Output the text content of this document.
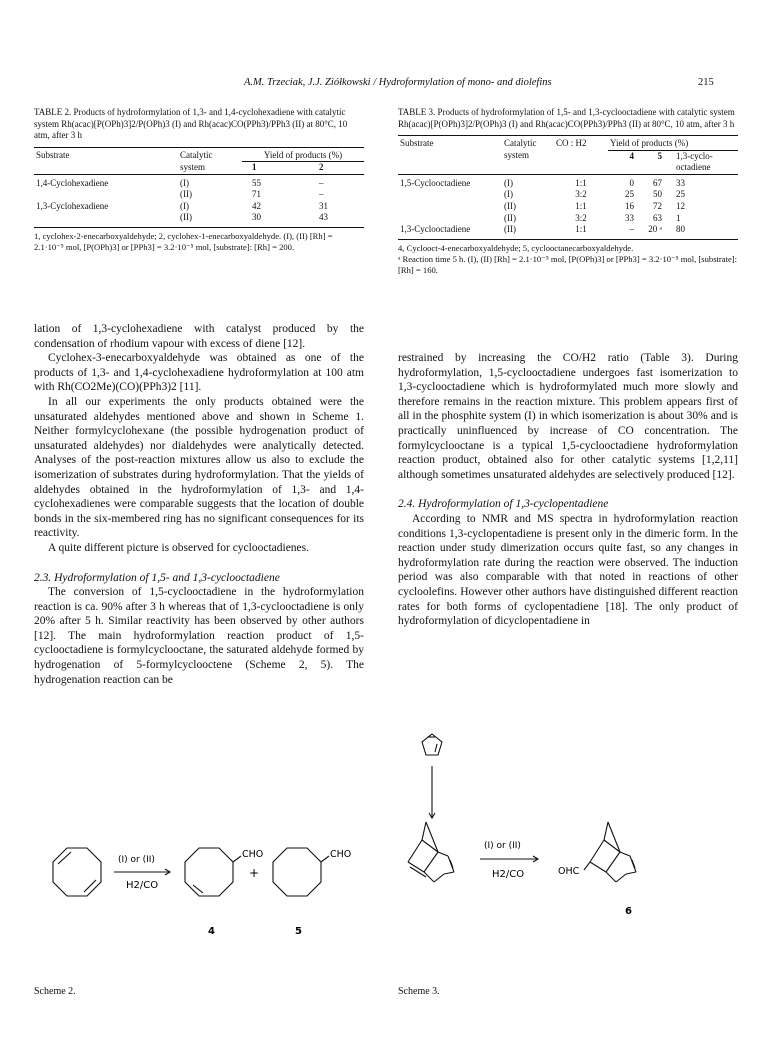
A.M. Trzeciak, J.J. Ziółkowski / Hydroformylation of mono- and diolefins	215
TABLE 2. Products of hydroformylation of 1,3- and 1,4-cyclohexadiene with catalytic system Rh(acac)[P(OPh)3]2/P(OPh)3 (I) and Rh(acac)CO(PPh3)/PPh3 (II) at 80°C, 10 atm, after 3 h
Substrate	Catalytic	Yield of products (%)	
	system	1	2
1,4-Cyclohexadiene	(I)	55	–
	(II)	71	–
1,3-Cyclohexadiene	(I)	42	31
	(II)	30	43
1, cyclohex-2-enecarboxyaldehyde; 2, cyclohex-1-enecarboxyaldehyde. (I), (II) [Rh] = 2.1·10⁻⁵ mol, [P(OPh)3] or [PPh3] = 3.2·10⁻⁵ mol, [substrate]: [Rh] = 200.
TABLE 3. Products of hydroformylation of 1,5- and 1,3-cyclooctadiene with catalytic system Rh(acac)[P(OPh)3]2/P(OPh)3 (I) and Rh(acac)CO(PPh3)/PPh3 (II) at 80°C, 10 atm, after 3 h
Substrate	Catalytic	CO : H2	Yield of products (%)		
	system		4	5	1,3-cyclo-
octadiene
1,5-Cyclooctadiene	(I)	1:1	0	67	33
	(I)	3:2	25	50	25
	(II)	1:1	16	72	12
	(II)	3:2	33	63	1
1,3-Cyclooctadiene	(II)	1:1	–	20 ᵃ	80
4, Cyclooct-4-enecarboxyaldehyde; 5, cyclooctanecarboxyaldehyde.
ᵃ Reaction time 5 h. (I), (II) [Rh] = 2.1·10⁻⁵ mol, [P(OPh)3] or [PPh3] = 3.2·10⁻⁵ mol, [substrate]: [Rh] = 160.

lation of 1,3-cyclohexadiene with catalyst produced by the condensation of rhodium vapour with excess of diene [12].

Cyclohex-3-enecarboxyaldehyde was obtained as one of the products of 1,3- and 1,4-cyclohexadiene hydroformylation at 100 atm with Rh(CO2Me)(CO)(PPh3)2 [11].

In all our experiments the only products obtained were the unsaturated aldehydes mentioned above and shown in Scheme 1. Neither formylcyclohexane (the possible hydrogenation product of unsaturated aldehydes) nor dialdehydes were analytically detected. Analyses of the post-reaction mixtures allow us also to exclude the isomerization of substrates during hydroformylation. That the yields of aldehydes obtained in the hydroformylation of 1,3- and 1,4-cyclohexadienes were comparable suggests that the location of double bonds in the six-membered ring has no significant consequences for its reactivity.

A quite different picture is observed for cyclooctadienes.

2.3. Hydroformylation of 1,5- and 1,3-cyclooctadiene

The conversion of 1,5-cyclooctadiene in the hydroformylation reaction is ca. 90% after 3 h whereas that of 1,3-cyclooctadiene is only 20% after 5 h. Similar reactivity has been observed by other authors [12]. The main hydroformylation reaction product of 1,5-cyclooctadiene is formylcyclooctane, the saturated aldehyde formed by hydrogenation of 5-formylcyclooctene (Scheme 2, 5). The hydrogenation reaction can be

restrained by increasing the CO/H2 ratio (Table 3). During hydroformylation, 1,5-cyclooctadiene undergoes fast isomerization to 1,3-cyclooctadiene which is hydroformylated much more slowly and therefore remains in the reaction mixture. This problem appears first of all in the phosphite system (I) in which isomerization is about 30% and is practically uninfluenced by increase of CO concentration. The formylcyclooctane is a typical 1,5-cyclooctadiene hydroformylation reaction product, obtained also for other catalytic systems [1,2,11] although sometimes unsaturated aldehydes are selectively produced [12].

2.4. Hydroformylation of 1,3-cyclopentadiene

According to NMR and MS spectra in hydroformylation reaction conditions 1,3-cyclopentadiene is present only in the dimeric form. In the reaction under study dimerization occurs quite fast, so any changes in hydroformylation rate during the reaction were observed. The induction period was also comparable with that noted in reactions of other cycloolefins. However other authors have distinguished different reaction rates for both forms of cyclopentadiene [18]. The only product of hydroformylation of dicyclopentadiene in

(I) or (II)
H2/CO
CHO	CHO
+
4	5
Scheme 2.
(I) or (II)
H2/CO	OHC
6
Scheme 3.
